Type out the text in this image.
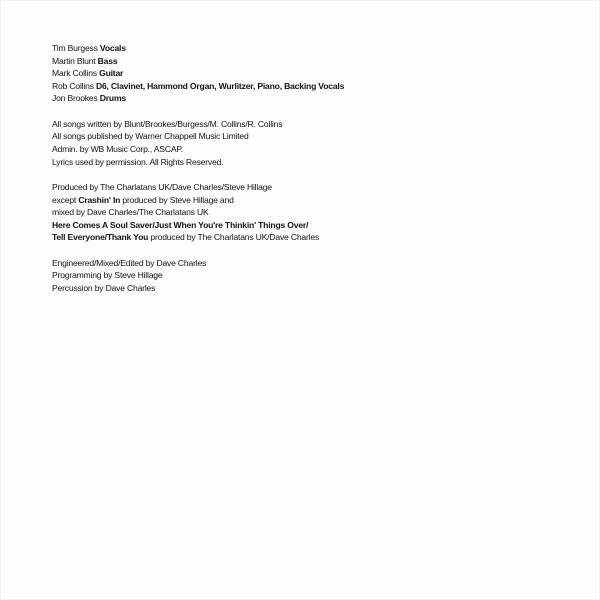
Tim Burgess Vocals
Martin Blunt Bass
Mark Collins Guitar
Rob Collins D6, Clavinet, Hammond Organ, Wurlitzer, Piano, Backing Vocals
Jon Brookes Drums
All songs written by Blunt/Brookes/Burgess/M. Collins/R. Collins
All songs published by Warner Chappell Music Limited
Admin. by WB Music Corp., ASCAP.
Lyrics used by permission. All Rights Reserved.
Produced by The Charlatans UK/Dave Charles/Steve Hillage
except Crashin' In produced by Steve Hillage and
mixed by Dave Charles/The Charlatans UK
Here Comes A Soul Saver/Just When You're Thinkin' Things Over/
Tell Everyone/Thank You produced by The Charlatans UK/Dave Charles
Engineered/Mixed/Edited by Dave Charles
Programming by Steve Hillage
Percussion by Dave Charles
